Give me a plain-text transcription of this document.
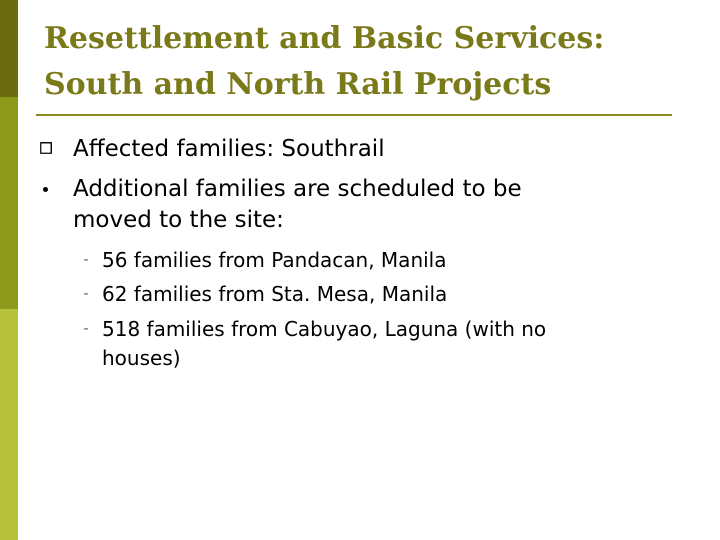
Resettlement and Basic Services:
South and North Rail Projects
Affected families: Southrail
Additional families are scheduled to be
moved to the site:
- 56 families from Pandacan, Manila
- 62 families from Sta. Mesa, Manila
- 518 families from Cabuyao, Laguna (with no
houses)
